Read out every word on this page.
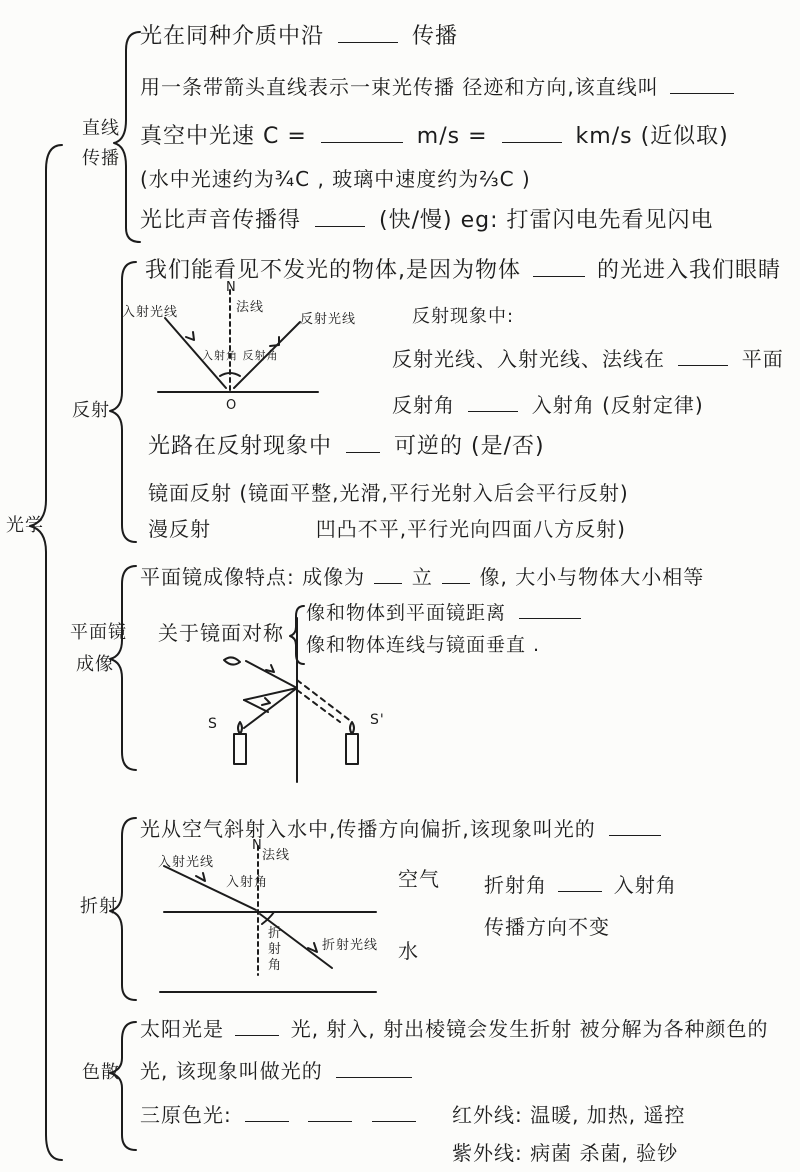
光学
直线
传播
光在同种介质中沿	传播
用一条带箭头直线表示一束光传播 径迹和方向,该直线叫
真空中光速 C =	m/s =	km/s (近似取)
(水中光速约为¾C , 玻璃中速度约为⅔C )
光比声音传播得	(快/慢) eg: 打雷闪电先看见闪电
反射
我们能看见不发光的物体,是因为物体	的光进入我们眼睛
入射光线
N
法线
反射光线
入射角 反射角
O
反射现象中:
反射光线、入射光线、法线在	平面
反射角	入射角 (反射定律)
光路在反射现象中	可逆的 (是/否)
镜面反射 (镜面平整,光滑,平行光射入后会平行反射)
漫反射	凹凸不平,平行光向四面八方反射)
平面镜
成像
平面镜成像特点: 成像为 立 像, 大小与物体大小相等
关于镜面对称
像和物体到平面镜距离
像和物体连线与镜面垂直 .
S	S'
折射
光从空气斜射入水中,传播方向偏折,该现象叫光的
入射光线
N
法线
入射角
折
射
角
折射光线
空气
水
折射角	入射角
传播方向不变
色散
太阳光是	光, 射入, 射出棱镜会发生折射 被分解为各种颜色的
光, 该现象叫做光的
三原色光:	红外线: 温暖, 加热, 遥控
紫外线: 病菌 杀菌, 验钞
